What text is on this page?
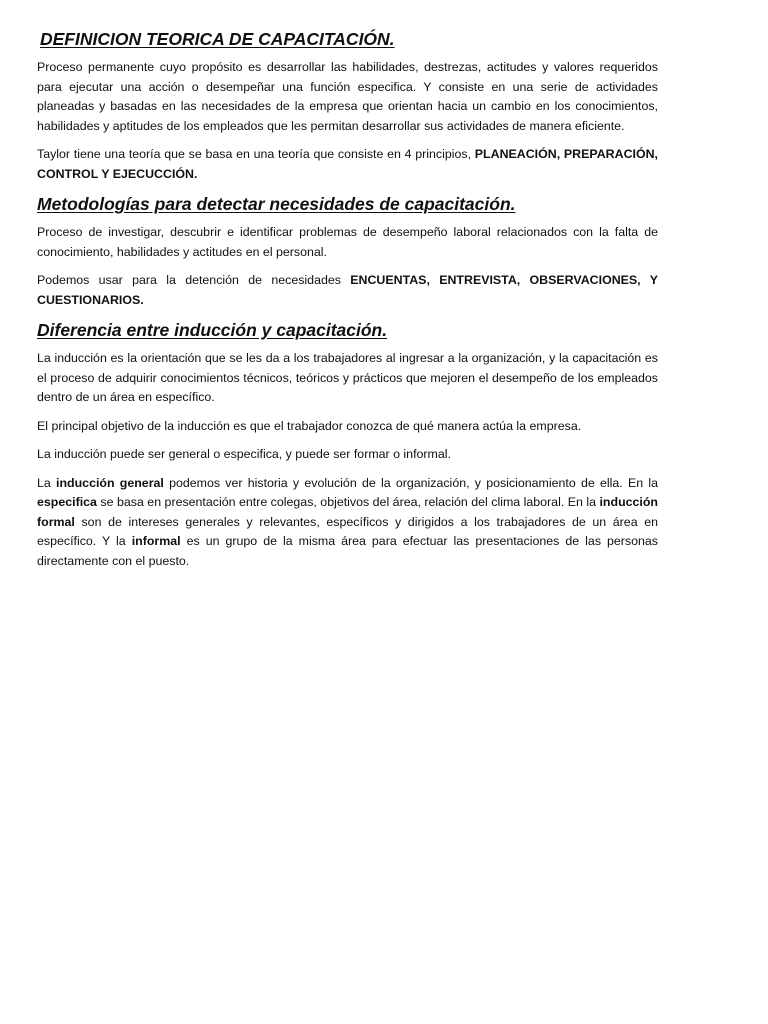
DEFINICION TEORICA DE CAPACITACIÓN.

Proceso permanente cuyo propósito es desarrollar las habilidades, destrezas, actitudes y valores requeridos para ejecutar una acción o desempeñar una función especifica. Y consiste en una serie de actividades planeadas y basadas en las necesidades de la empresa que orientan hacia un cambio en los conocimientos, habilidades y aptitudes de los empleados que les permitan desarrollar sus actividades de manera eficiente.

Taylor tiene una teoría que se basa en una teoría que consiste en 4 principios, PLANEACIÓN, PREPARACIÓN, CONTROL Y EJECUCCIÓN.

Metodologías para detectar necesidades de capacitación.

Proceso de investigar, descubrir e identificar problemas de desempeño laboral relacionados con la falta de conocimiento, habilidades y actitudes en el personal.

Podemos usar para la detención de necesidades ENCUENTAS, ENTREVISTA, OBSERVACIONES, Y CUESTIONARIOS.

Diferencia entre inducción y capacitación.

La inducción es la orientación que se les da a los trabajadores al ingresar a la organización, y la capacitación es el proceso de adquirir conocimientos técnicos, teóricos y prácticos que mejoren el desempeño de los empleados dentro de un área en específico.

El principal objetivo de la inducción es que el trabajador conozca de qué manera actúa la empresa.

La inducción puede ser general o especifica, y puede ser formar o informal.

La inducción general podemos ver historia y evolución de la organización, y posicionamiento de ella. En la especifica se basa en presentación entre colegas, objetivos del área, relación del clima laboral. En la inducción formal son de intereses generales y relevantes, específicos y dirigidos a los trabajadores de un área en específico. Y la informal es un grupo de la misma área para efectuar las presentaciones de las personas directamente con el puesto.
